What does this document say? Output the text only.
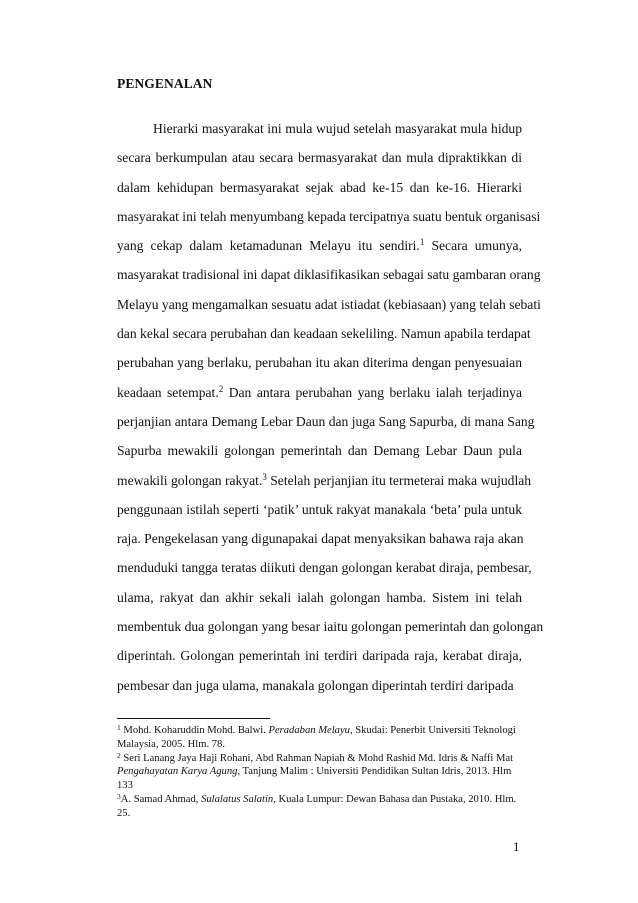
PENGENALAN
Hierarki masyarakat ini mula wujud setelah masyarakat mula hidup
secara berkumpulan atau secara bermasyarakat dan mula dipraktikkan di
dalam kehidupan bermasyarakat sejak abad ke-15 dan ke-16. Hierarki
masyarakat ini telah menyumbang kepada tercipatnya suatu bentuk organisasi
yang cekap dalam ketamadunan Melayu itu sendiri.$^1$ Secara umunya,
masyarakat tradisional ini dapat diklasifikasikan sebagai satu gambaran orang
Melayu yang mengamalkan sesuatu adat istiadat (kebiasaan) yang telah sebati
dan kekal secara perubahan dan keadaan sekeliling. Namun apabila terdapat
perubahan yang berlaku, perubahan itu akan diterima dengan penyesuaian
keadaan setempat.$^2$ Dan antara perubahan yang berlaku ialah terjadinya
perjanjian antara Demang Lebar Daun dan juga Sang Sapurba, di mana Sang
Sapurba mewakili golongan pemerintah dan Demang Lebar Daun pula
mewakili golongan rakyat.$^3$ Setelah perjanjian itu termeterai maka wujudlah
penggunaan istilah seperti ‘patik’ untuk rakyat manakala ‘beta’ pula untuk
raja. Pengekelasan yang digunapakai dapat menyaksikan bahawa raja akan
menduduki tangga teratas diikuti dengan golongan kerabat diraja, pembesar,
ulama, rakyat dan akhir sekali ialah golongan hamba. Sistem ini telah
membentuk dua golongan yang besar iaitu golongan pemerintah dan golongan
diperintah. Golongan pemerintah ini terdiri daripada raja, kerabat diraja,
pembesar dan juga ulama, manakala golongan diperintah terdiri daripada
$^1$ Mohd. Koharuddin Mohd. Balwi. Peradaban Melayu, Skudai: Penerbit Universiti Teknologi Malaysia, 2005. Hlm. 78.
$^2$ Seri Lanang Jaya Haji Rohani, Abd Rahman Napiah & Mohd Rashid Md. Idris & Naffi Mat Pengahayatan Karya Agung, Tanjung Malim : Universiti Pendidikan Sultan Idris, 2013. Hlm 133
$^3$A. Samad Ahmad, Sulalatus Salatin, Kuala Lumpur: Dewan Bahasa dan Pustaka, 2010. Hlm. 25.
1
